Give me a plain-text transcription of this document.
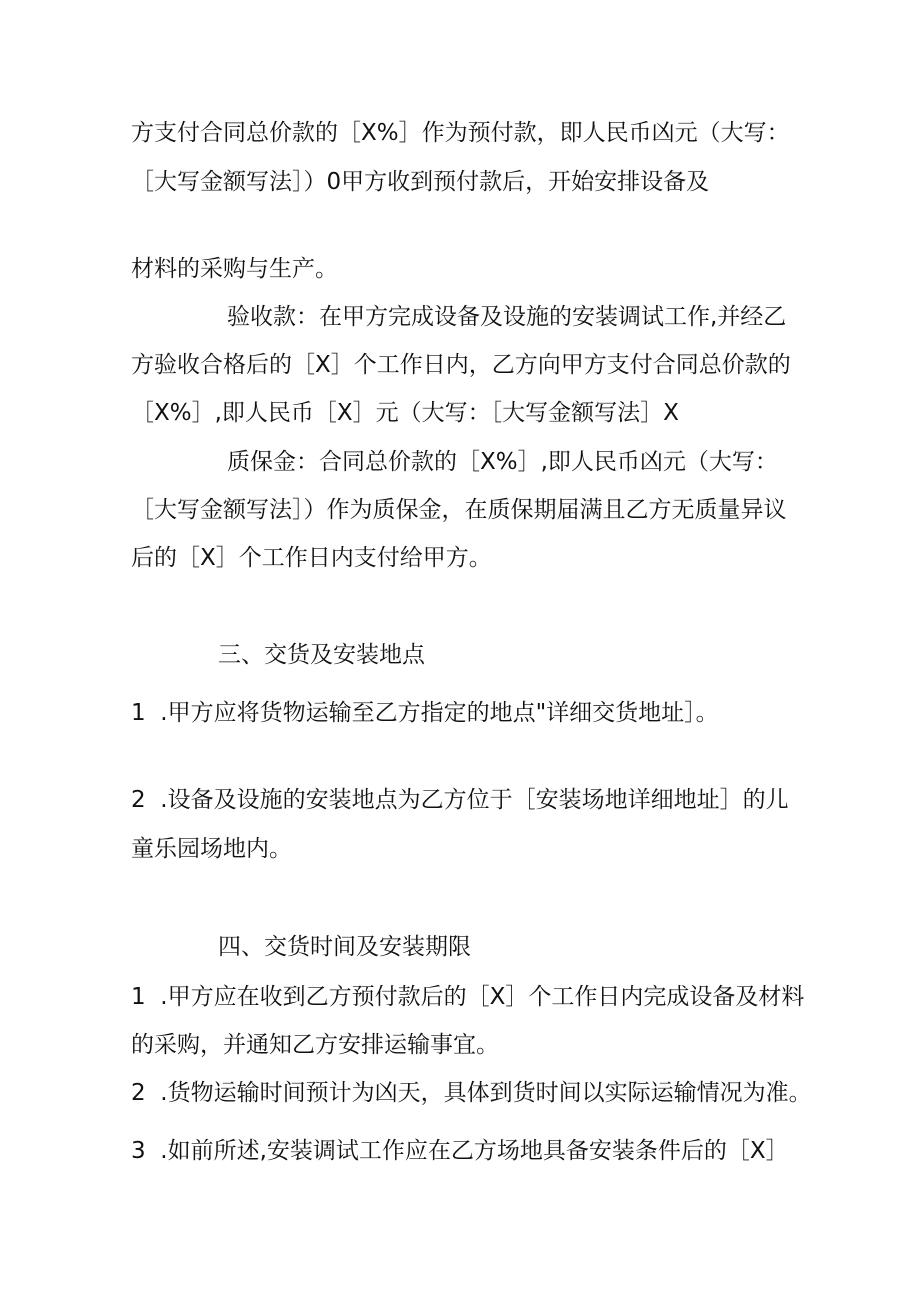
方支付合同总价款的［X%］作为预付款，即人民币凶元（大写：
［大写金额写法］）0甲方收到预付款后，开始安排设备及
材料的采购与生产。
验收款：在甲方完成设备及设施的安装调试工作,并经乙
方验收合格后的［X］个工作日内，乙方向甲方支付合同总价款的
［X%］,即人民币［X］元（大写：［大写金额写法］X
质保金：合同总价款的［X%］,即人民币凶元（大写：
［大写金额写法］）作为质保金，在质保期届满且乙方无质量异议
后的［X］个工作日内支付给甲方。
三、交货及安装地点
1  .甲方应将货物运输至乙方指定的地点"详细交货地址］。
2  .设备及设施的安装地点为乙方位于［安装场地详细地址］的儿
童乐园场地内。
四、交货时间及安装期限
1  .甲方应在收到乙方预付款后的［X］个工作日内完成设备及材料
的采购，并通知乙方安排运输事宜。
2  .货物运输时间预计为凶天，具体到货时间以实际运输情况为准。
3  .如前所述,安装调试工作应在乙方场地具备安装条件后的［X］
